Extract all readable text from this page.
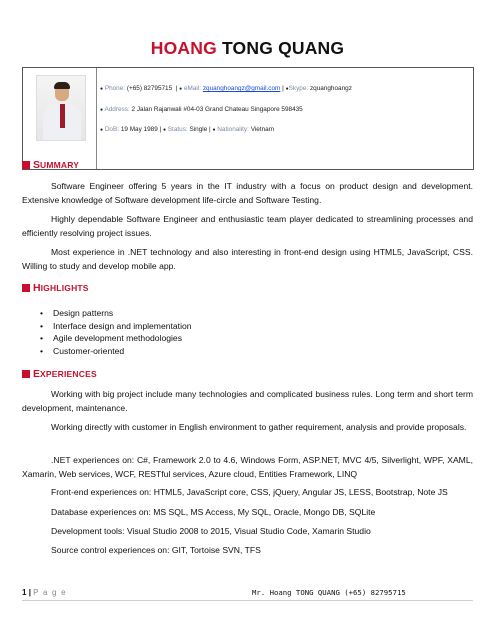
HOANG TONG QUANG
● Phone: (+65) 82795715  | ● eMail: zquanghoangz@gmail.com | ●Skype: zquanghoangz
● Address: 2 Jalan Rajanwali #04-03 Grand Chateau Singapore 598435
● DoB: 19 May 1989 | ● Status: Single | ● Nationality: Vietnam
S UMMARY
Software Engineer offering 5 years in the IT industry with a focus on product design and development. Extensive knowledge of Software development life-circle and Software Testing.
Highly dependable Software Engineer and enthusiastic team player dedicated to streamlining processes and efficiently resolving project issues.
Most experience in .NET technology and also interesting in front-end design using HTML5, JavaScript, CSS. Willing to study and develop mobile app.
H IGHLIGHTS
• Design patterns
• Interface design and implementation
• Agile development methodologies
• Customer-oriented
E XPERIENCES
Working with big project include many technologies and complicated business rules. Long term and short term development, maintenance.
Working directly with customer in English environment to gather requirement, analysis and provide proposals.
.NET experiences on: C#, Framework 2.0 to 4.6, Windows Form, ASP.NET, MVC 4/5, Silverlight, WPF, XAML, Xamarin, Web services, WCF, RESTful services, Azure cloud, Entities Framework, LINQ
Front-end experiences on: HTML5, JavaScript core, CSS, jQuery, Angular JS, LESS, Bootstrap, Note JS
Database experiences on: MS SQL, MS Access, My SQL, Oracle, Mongo DB, SQLite
Development tools: Visual Studio 2008 to 2015, Visual Studio Code, Xamarin Studio
Source control experiences on: GIT, Tortoise SVN, TFS
1 | P a g e	Mr. Hoang TONG QUANG (+65) 82795715
